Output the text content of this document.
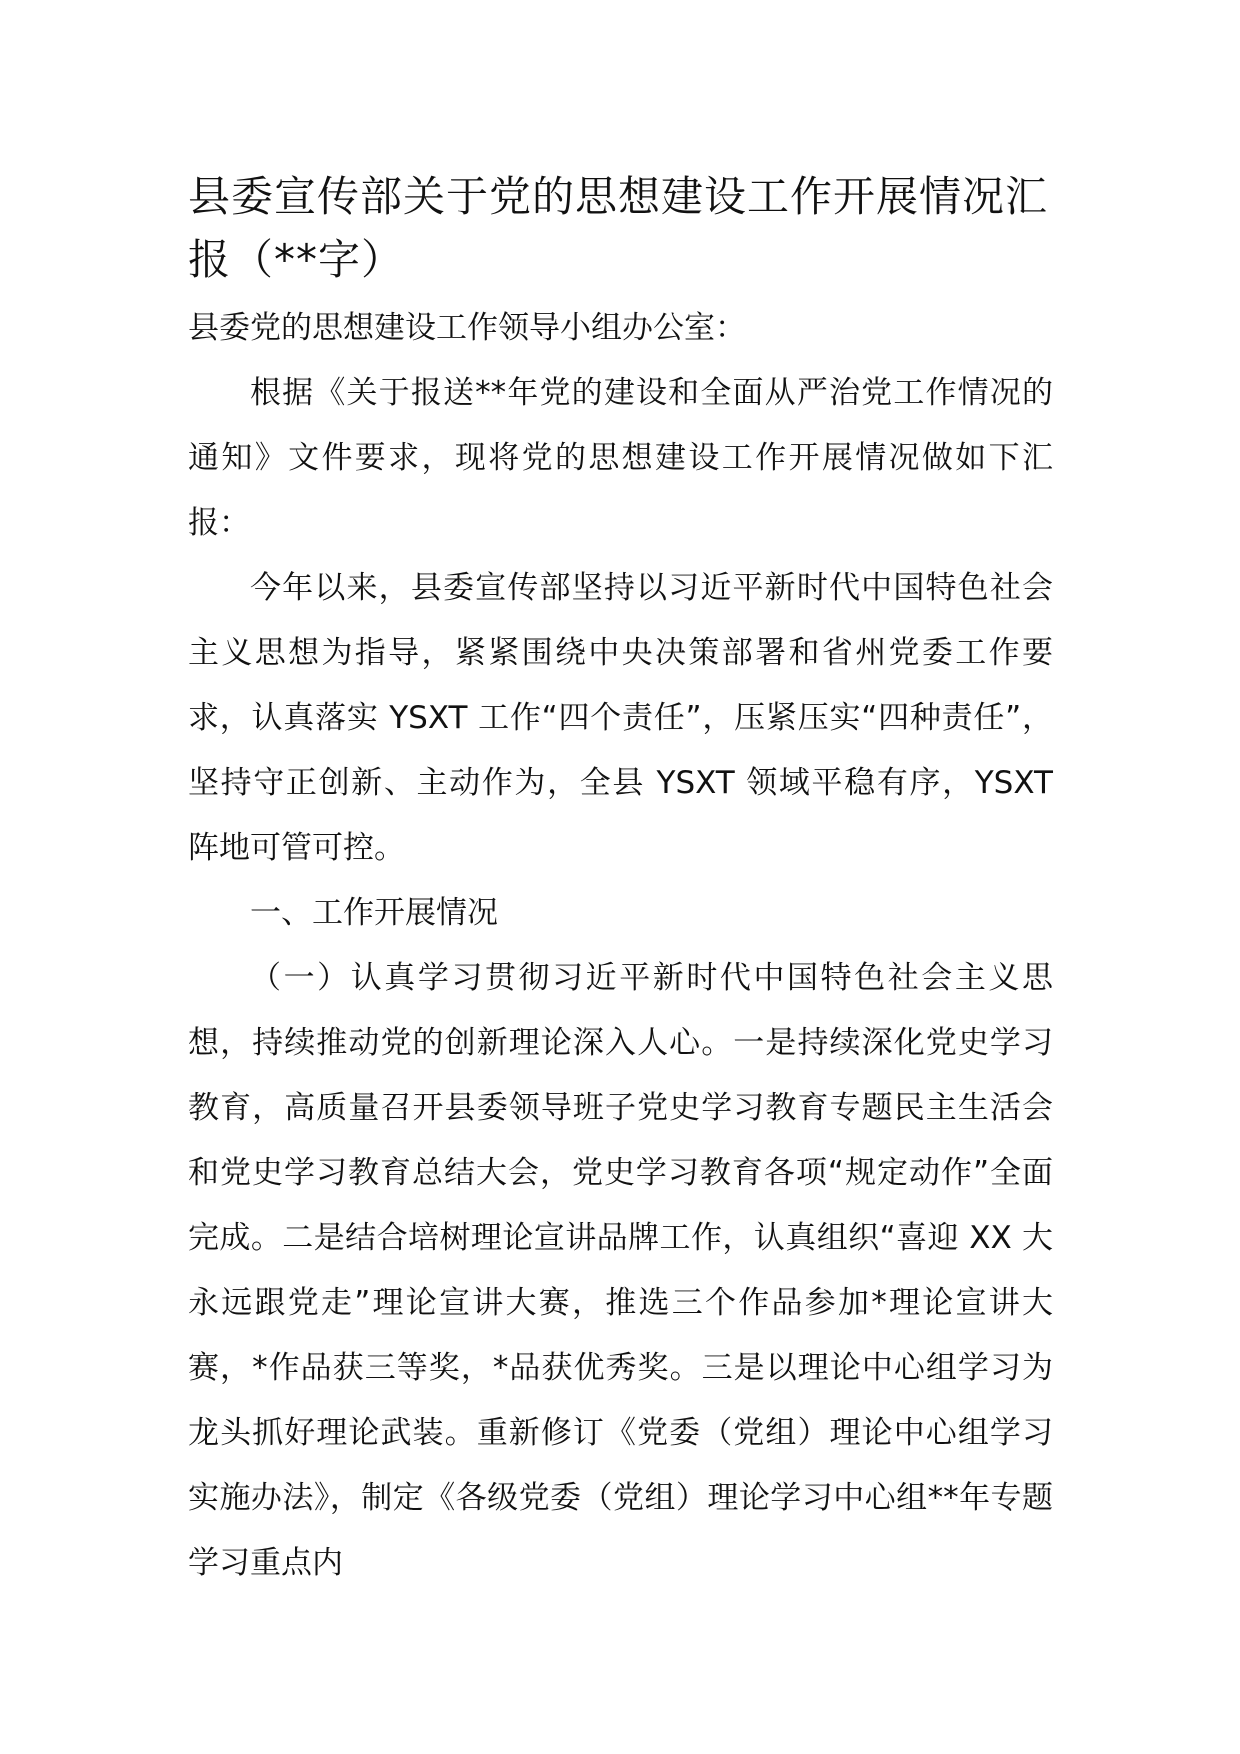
县委宣传部关于党的思想建设工作开展情况汇报（**字）

县委党的思想建设工作领导小组办公室：

根据《关于报送**年党的建设和全面从严治党工作情况的通知》文件要求，现将党的思想建设工作开展情况做如下汇报：

今年以来，县委宣传部坚持以习近平新时代中国特色社会主义思想为指导，紧紧围绕中央决策部署和省州党委工作要求，认真落实 YSXT 工作“四个责任”，压紧压实“四种责任”，坚持守正创新、主动作为，全县 YSXT 领域平稳有序，YSXT 阵地可管可控。

一、工作开展情况

（一）认真学习贯彻习近平新时代中国特色社会主义思想，持续推动党的创新理论深入人心。一是持续深化党史学习教育，高质量召开县委领导班子党史学习教育专题民主生活会和党史学习教育总结大会，党史学习教育各项“规定动作”全面完成。二是结合培树理论宣讲品牌工作，认真组织“喜迎 XX 大永远跟党走”理论宣讲大赛，推选三个作品参加*理论宣讲大赛，*作品获三等奖，*品获优秀奖。三是以理论中心组学习为龙头抓好理论武装。重新修订《党委（党组）理论中心组学习实施办法》，制定《各级党委（党组）理论学习中心组**年专题学习重点内
